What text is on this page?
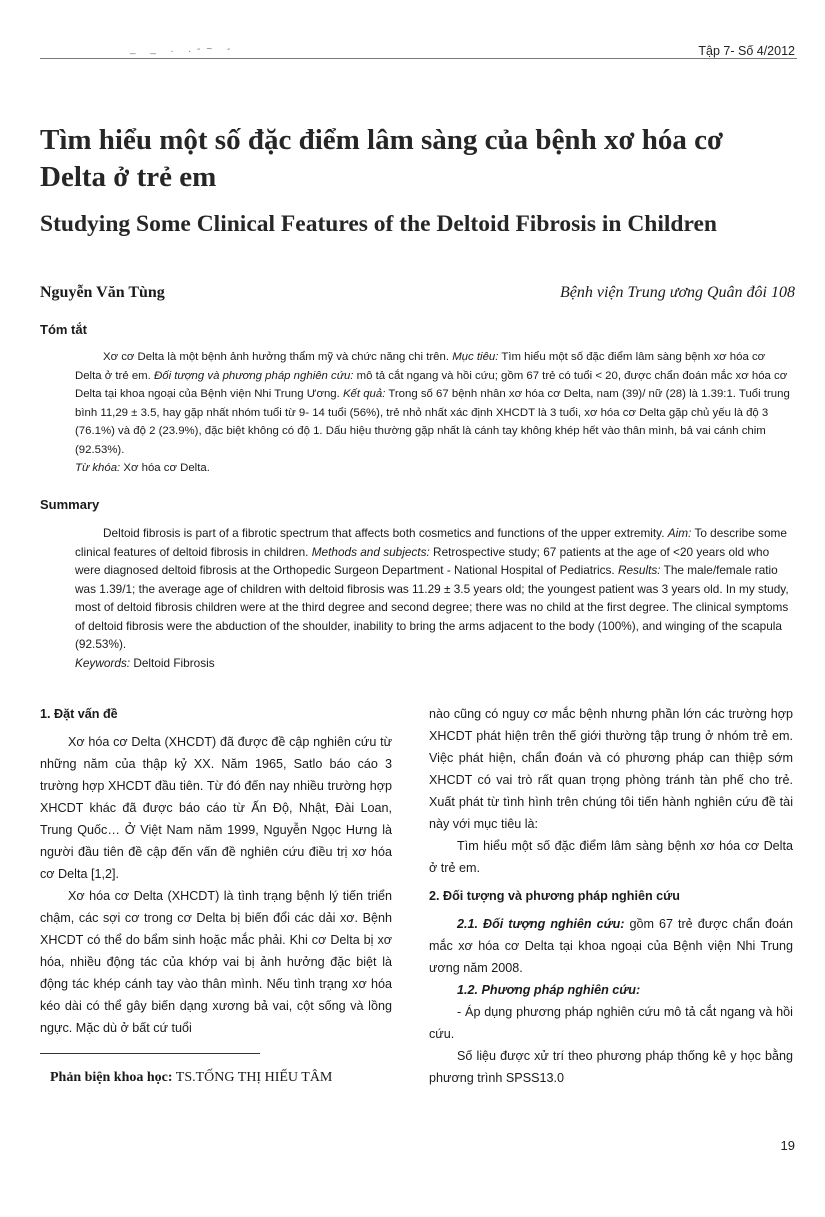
_ _ . .-~ -	Tập 7- Số 4/2012
Tìm hiểu một số đặc điểm lâm sàng của bệnh xơ hóa cơ Delta ở trẻ em
Studying Some Clinical Features of the Deltoid Fibrosis in Children
Nguyễn Văn Tùng	Bệnh viện Trung ương Quân đôi 108
Tóm tắt

Xơ cơ Delta là một bệnh ảnh hưởng thẩm mỹ và chức năng chi trên. Mục tiêu: Tìm hiểu một số đặc điểm lâm sàng bệnh xơ hóa cơ Delta ở trẻ em. Đối tượng và phương pháp nghiên cứu: mô tả cắt ngang và hồi cứu; gồm 67 trẻ có tuổi < 20, được chẩn đoán mắc xơ hóa cơ Delta tại khoa ngoại của Bệnh viện Nhi Trung Ương. Kết quả: Trong số 67 bệnh nhân xơ hóa cơ Delta, nam (39)/ nữ (28) là 1.39:1. Tuổi trung bình 11,29 ± 3.5, hay gặp nhất nhóm tuổi từ 9- 14 tuổi (56%), trẻ nhỏ nhất xác định XHCDT là 3 tuổi, xơ hóa cơ Delta gặp chủ yếu là độ 3 (76.1%) và độ 2 (23.9%), đặc biệt không có độ 1. Dấu hiệu thường gặp nhất là cánh tay không khép hết vào thân mình, bả vai cánh chim (92.53%).

Từ khóa: Xơ hóa cơ Delta.

Summary

Deltoid fibrosis is part of a fibrotic spectrum that affects both cosmetics and functions of the upper extremity. Aim: To describe some clinical features of deltoid fibrosis in children. Methods and subjects: Retrospective study; 67 patients at the age of <20 years old who were diagnosed deltoid fibrosis at the Orthopedic Surgeon Department - National Hospital of Pediatrics. Results: The male/female ratio was 1.39/1; the average age of children with deltoid fibrosis was 11.29 ± 3.5 years old; the youngest patient was 3 years old. In my study, most of deltoid fibrosis children were at the third degree and second degree; there was no child at the first degree. The clinical symptoms of deltoid fibrosis were the abduction of the shoulder, inability to bring the arms adjacent to the body (100%), and winging of the scapula (92.53%).

Keywords: Deltoid Fibrosis

1. Đặt vấn đề

Xơ hóa cơ Delta (XHCDT) đã được đề cập nghiên cứu từ những năm của thập kỷ XX. Năm 1965, Satlo báo cáo 3 trường hợp XHCDT đầu tiên. Từ đó đến nay nhiều trường hợp XHCDT khác đã được báo cáo từ Ấn Độ, Nhật, Đài Loan, Trung Quốc… Ở Việt Nam năm 1999, Nguyễn Ngọc Hưng là người đầu tiên đề cập đến vấn đề nghiên cứu điều trị xơ hóa cơ Delta [1,2].

Xơ hóa cơ Delta (XHCDT) là tình trạng bệnh lý tiến triển chậm, các sợi cơ trong cơ Delta bị biến đổi các dải xơ. Bệnh XHCDT có thể do bẩm sinh hoặc mắc phải. Khi cơ Delta bị xơ hóa, nhiều động tác của khớp vai bị ảnh hưởng đặc biệt là động tác khép cánh tay vào thân mình. Nếu tình trạng xơ hóa kéo dài có thể gây biến dạng xương bả vai, cột sống và lồng ngực. Mặc dù ở bất cứ tuổi

nào cũng có nguy cơ mắc bệnh nhưng phần lớn các trường hợp XHCDT phát hiện trên thế giới thường tập trung ở nhóm trẻ em. Việc phát hiện, chẩn đoán và có phương pháp can thiệp sớm XHCDT có vai trò rất quan trọng phòng tránh tàn phế cho trẻ. Xuất phát từ tình hình trên chúng tôi tiến hành nghiên cứu đề tài này với mục tiêu là:

Tìm hiểu một số đặc điểm lâm sàng bệnh xơ hóa cơ Delta ở trẻ em.

2. Đối tượng và phương pháp nghiên cứu

2.1. Đối tượng nghiên cứu: gồm 67 trẻ được chẩn đoán mắc xơ hóa cơ Delta tại khoa ngoại của Bệnh viện Nhi Trung ương năm 2008.

1.2. Phương pháp nghiên cứu:

- Áp dụng phương pháp nghiên cứu mô tả cắt ngang và hồi cứu.

Số liệu được xử trí theo phương pháp thống kê y học bằng phương trình SPSS13.0

Phản biện khoa học: TS.TỐNG THỊ HIẾU TÂM
19
